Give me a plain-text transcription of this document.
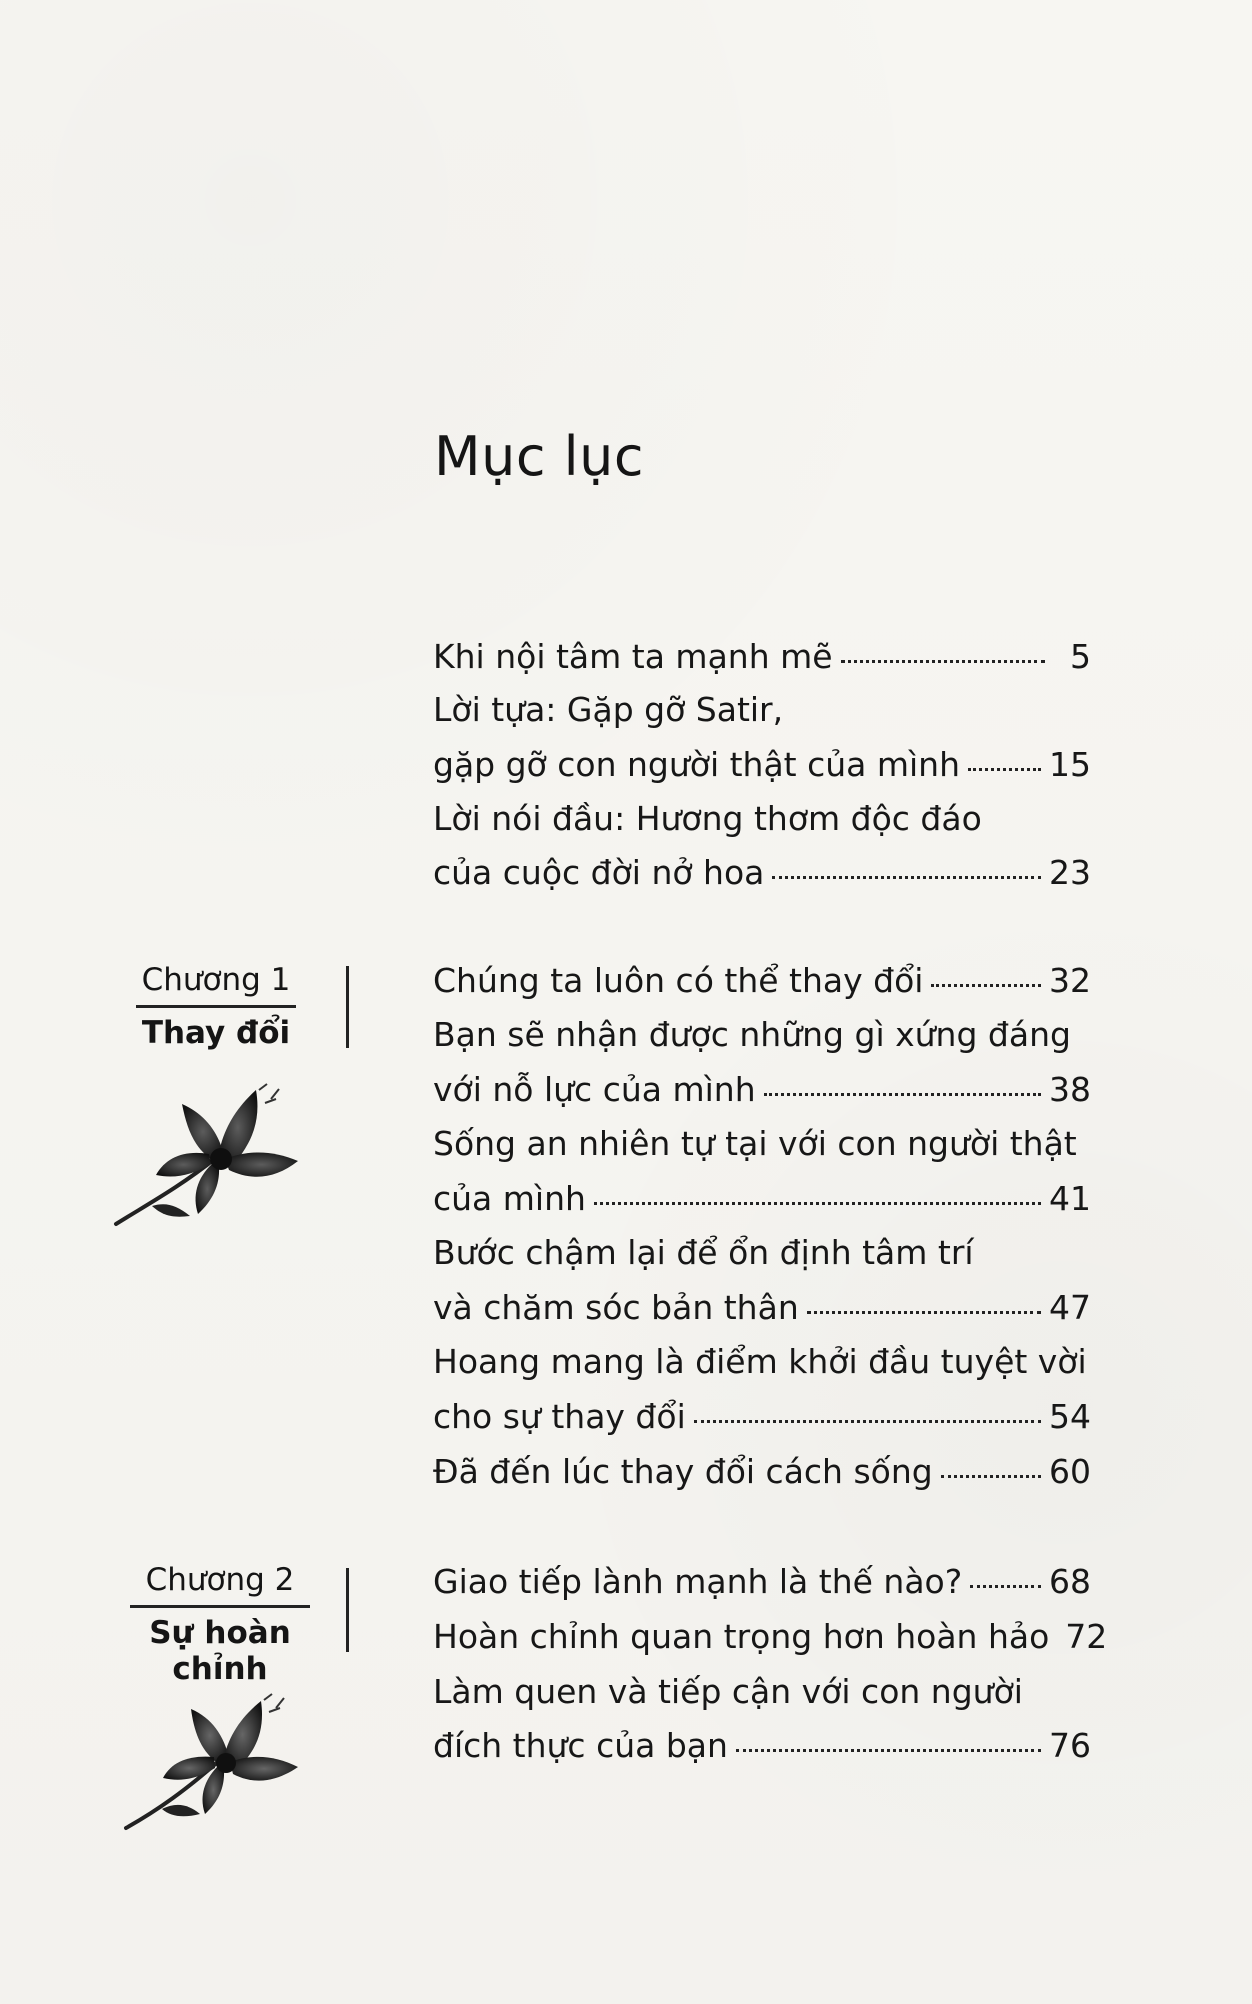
Mục lục
Khi nội tâm ta mạnh mẽ	5
Lời tựa: Gặp gỡ Satir,
gặp gỡ con người thật của mình	15
Lời nói đầu: Hương thơm độc đáo
của cuộc đời nở hoa	23
Chương 1
Thay đổi
Chúng ta luôn có thể thay đổi	32
Bạn sẽ nhận được những gì xứng đáng
với nỗ lực của mình	38
Sống an nhiên tự tại với con người thật
của mình	41
Bước chậm lại để ổn định tâm trí
và chăm sóc bản thân	47
Hoang mang là điểm khởi đầu tuyệt vời
cho sự thay đổi	54
Đã đến lúc thay đổi cách sống	60
Chương 2
Sự hoàn chỉnh
Giao tiếp lành mạnh là thế nào?	68
Hoàn chỉnh quan trọng hơn hoàn hảo 72
Làm quen và tiếp cận với con người
đích thực của bạn	76
